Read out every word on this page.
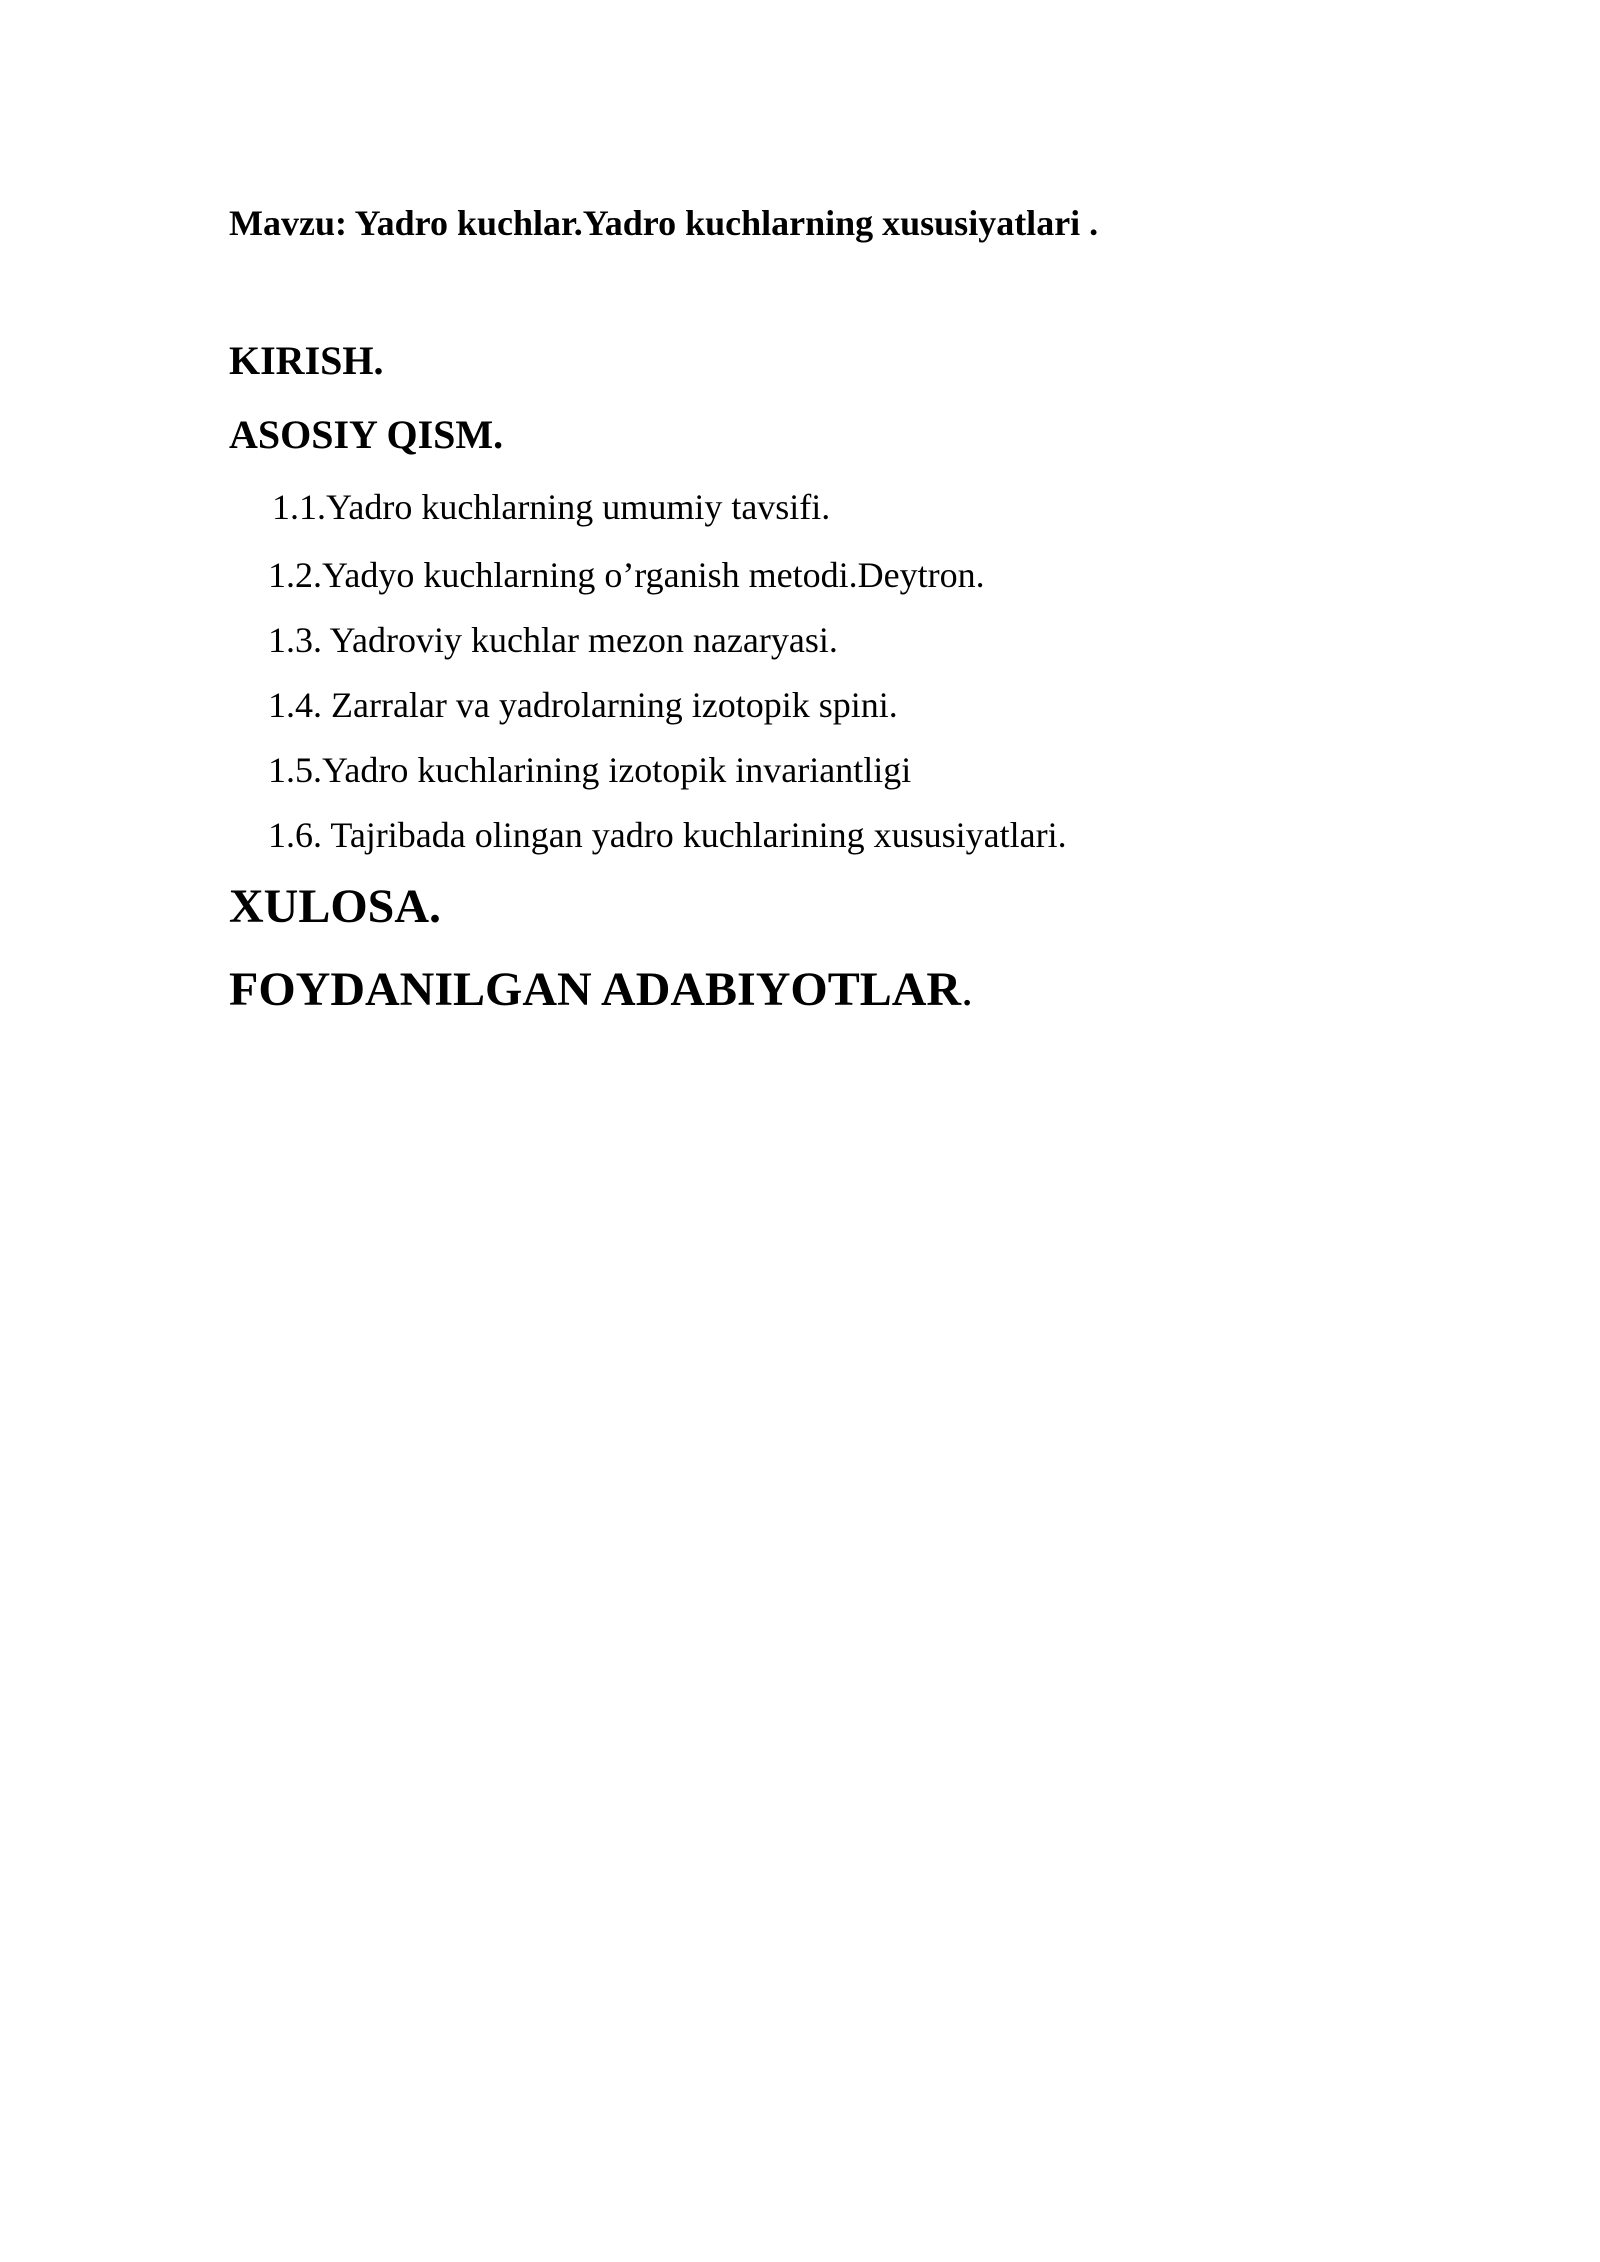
Mavzu: Yadro kuchlar.Yadro kuchlarning xususiyatlari .
KIRISH.
ASOSIY QISM.
1.1.Yadro kuchlarning umumiy tavsifi.
1.2.Yadyo kuchlarning o’rganish metodi.Deytron.
1.3. Yadroviy kuchlar mezon nazaryasi.
1.4. Zarralar va yadrolarning izotopik spini.
1.5.Yadro kuchlarining izotopik invariantligi
1.6. Tajribada olingan yadro kuchlarining xususiyatlari.
XULOSA.
FOYDANILGAN ADABIYOTLAR.
